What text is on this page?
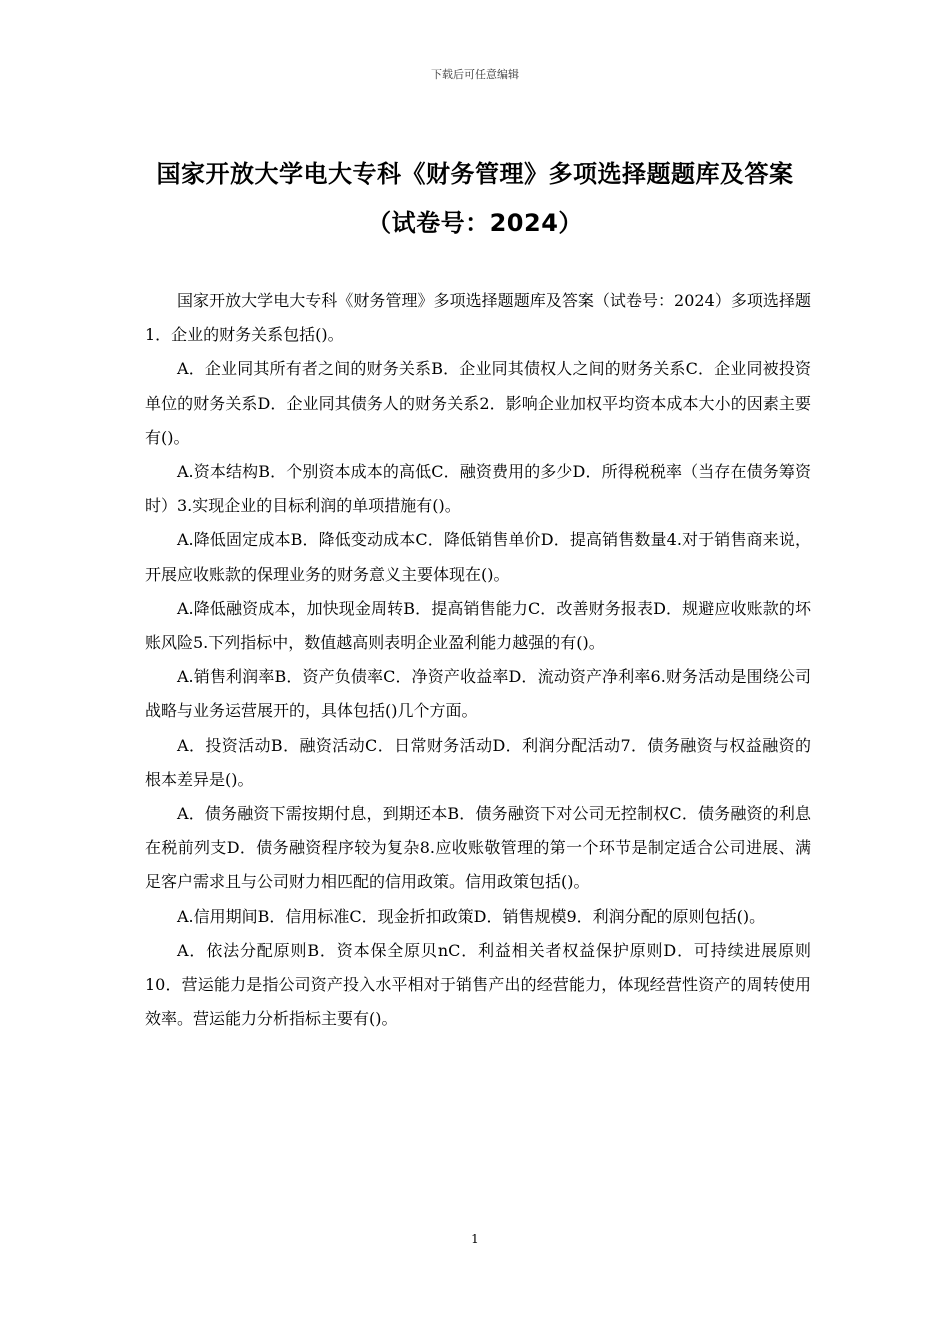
下载后可任意编辑
国家开放大学电大专科《财务管理》多项选择题题库及答案（试卷号：2024）

国家开放大学电大专科《财务管理》多项选择题题库及答案（试卷号：2024）多项选择题1．企业的财务关系包括()。

A．企业同其所有者之间的财务关系B．企业同其债权人之间的财务关系C．企业同被投资单位的财务关系D．企业同其债务人的财务关系2．影响企业加权平均资本成本大小的因素主要有()。

A.资本结构B．个别资本成本的高低C．融资费用的多少D．所得税税率（当存在债务筹资时）3.实现企业的目标利润的单项措施有()。

A.降低固定成本B．降低变动成本C．降低销售单价D．提高销售数量4.对于销售商来说，开展应收账款的保理业务的财务意义主要体现在()。

A.降低融资成本，加快现金周转B．提高销售能力C．改善财务报表D．规避应收账款的坏账风险5.下列指标中，数值越高则表明企业盈利能力越强的有()。

A.销售利润率B．资产负债率C．净资产收益率D．流动资产净利率6.财务活动是围绕公司战略与业务运营展开的，具体包括()几个方面。

A．投资活动B．融资活动C．日常财务活动D．利润分配活动7．债务融资与权益融资的根本差异是()。

A．债务融资下需按期付息，到期还本B．债务融资下对公司无控制权C．债务融资的利息在税前列支D．债务融资程序较为复杂8.应收账敬管理的第一个环节是制定适合公司进展、满足客户需求且与公司财力相匹配的信用政策。信用政策包括()。

A.信用期间B．信用标准C．现金折扣政策D．销售规模9．利润分配的原则包括()。

A．依法分配原则B．资本保全原贝nC．利益相关者权益保护原则D．可持续进展原则10．营运能力是指公司资产投入水平相对于销售产出的经营能力，体现经营性资产的周转使用效率。营运能力分析指标主要有()。

1
